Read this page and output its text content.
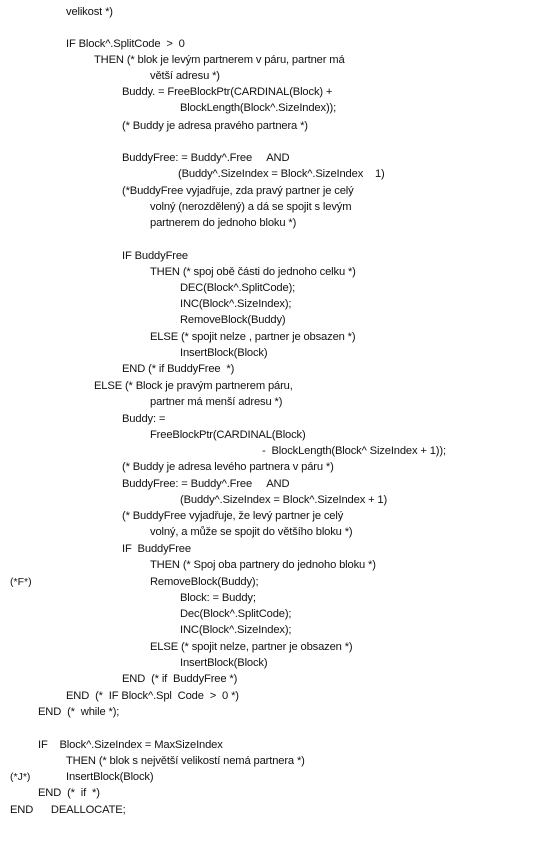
velikost *)
IF Block^.SplitCode  >  0
THEN (* blok je levým partnerem v páru, partner má
větší adresu *)
Buddy. = FreeBlockPtr(CARDINAL(Block) +
BlockLength(Block^.SizeIndex));
(* Buddy je adresa pravého partnera *)
BuddyFree: = Buddy^.Free     AND
(Buddy^.SizeIndex = Block^.SizeIndex    1)
(*BuddyFree vyjadřuje, zda pravý partner je celý
volný (nerozdělený) a dá se spojit s levým
partnerem do jednoho bloku *)
IF BuddyFree
THEN (* spoj obě části do jednoho celku *)
DEC(Block^.SplitCode);
INC(Block^.SizeIndex);
RemoveBlock(Buddy)
ELSE (* spojit nelze , partner je obsazen *)
InsertBlock(Block)
END (* if BuddyFree  *)
ELSE (* Block je pravým partnerem páru,
partner má menší adresu *)
Buddy: =
FreeBlockPtr(CARDINAL(Block)
-  BlockLength(Block^ SizeIndex + 1));
(* Buddy je adresa levého partnera v páru *)
BuddyFree: = Buddy^.Free     AND
(Buddy^.SizeIndex = Block^.SizeIndex + 1)
(* BuddyFree vyjadřuje, že levý partner je celý
volný, a může se spojit do většího bloku *)
IF  BuddyFree
THEN (* Spoj oba partnery do jednoho bloku *)
(*F*)	RemoveBlock(Buddy);
Block: = Buddy;
Dec(Block^.SplitCode);
INC(Block^.SizeIndex);
ELSE (* spojit nelze, partner je obsazen *)
InsertBlock(Block)
END  (* if  BuddyFree *)
END  (*  IF Block^.Spl  Code  >  0 *)
END  (*  while *);
IF    Block^.SizeIndex = MaxSizeIndex
THEN (* blok s největší velikostí nemá partnera *)
(*J*)	InsertBlock(Block)
END  (*  if  *)
END      DEALLOCATE;
